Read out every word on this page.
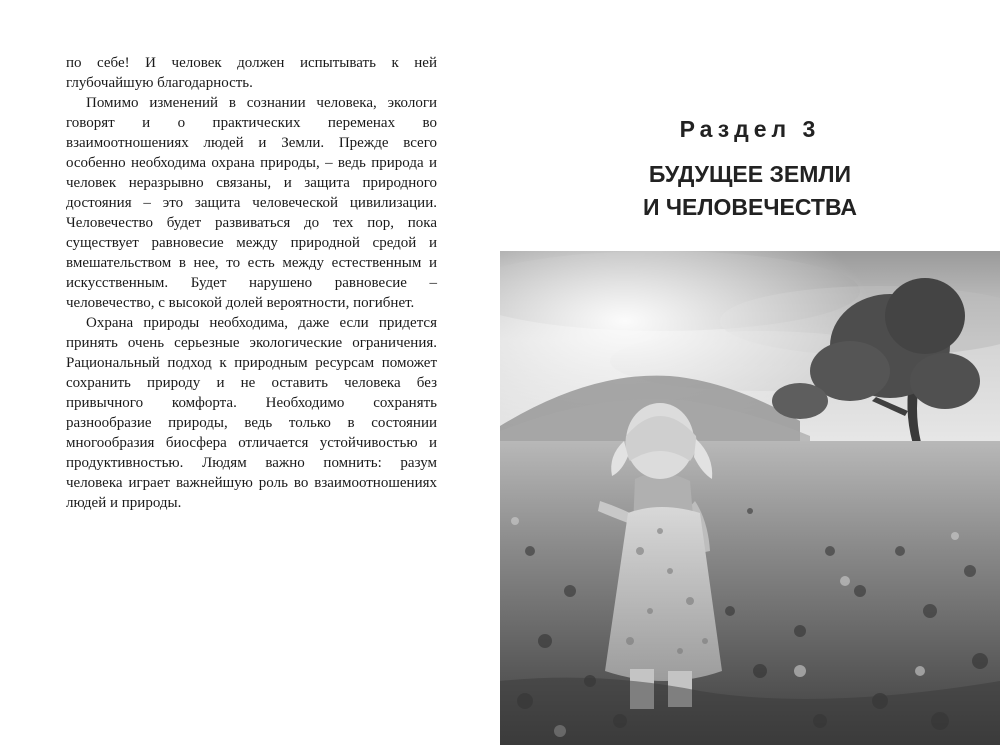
по себе! И человек должен испытывать к ней глубочайшую благодарность.

Помимо изменений в сознании человека, экологи говорят и о практических переменах во взаимоотношениях людей и Земли. Прежде всего особенно необходима охрана природы, – ведь природа и человек неразрывно связаны, и защита природного достояния – это защита человеческой цивилизации. Человечество будет развиваться до тех пор, пока существует равновесие между природной средой и вмешательством в нее, то есть между естественным и искусственным. Будет нарушено равновесие – человечество, с высокой долей вероятности, погибнет.

Охрана природы необходима, даже если придется принять очень серьезные экологические ограничения. Рациональный подход к природным ресурсам поможет сохранить природу и не оставить человека без привычного комфорта. Необходимо сохранять разнообразие природы, ведь только в состоянии многообразия биосфера отличается устойчивостью и продуктивностью. Людям важно помнить: разум человека играет важнейшую роль во взаимоотношениях людей и природы.

Раздел 3
БУДУЩЕЕ ЗЕМЛИ
И ЧЕЛОВЕЧЕСТВА
